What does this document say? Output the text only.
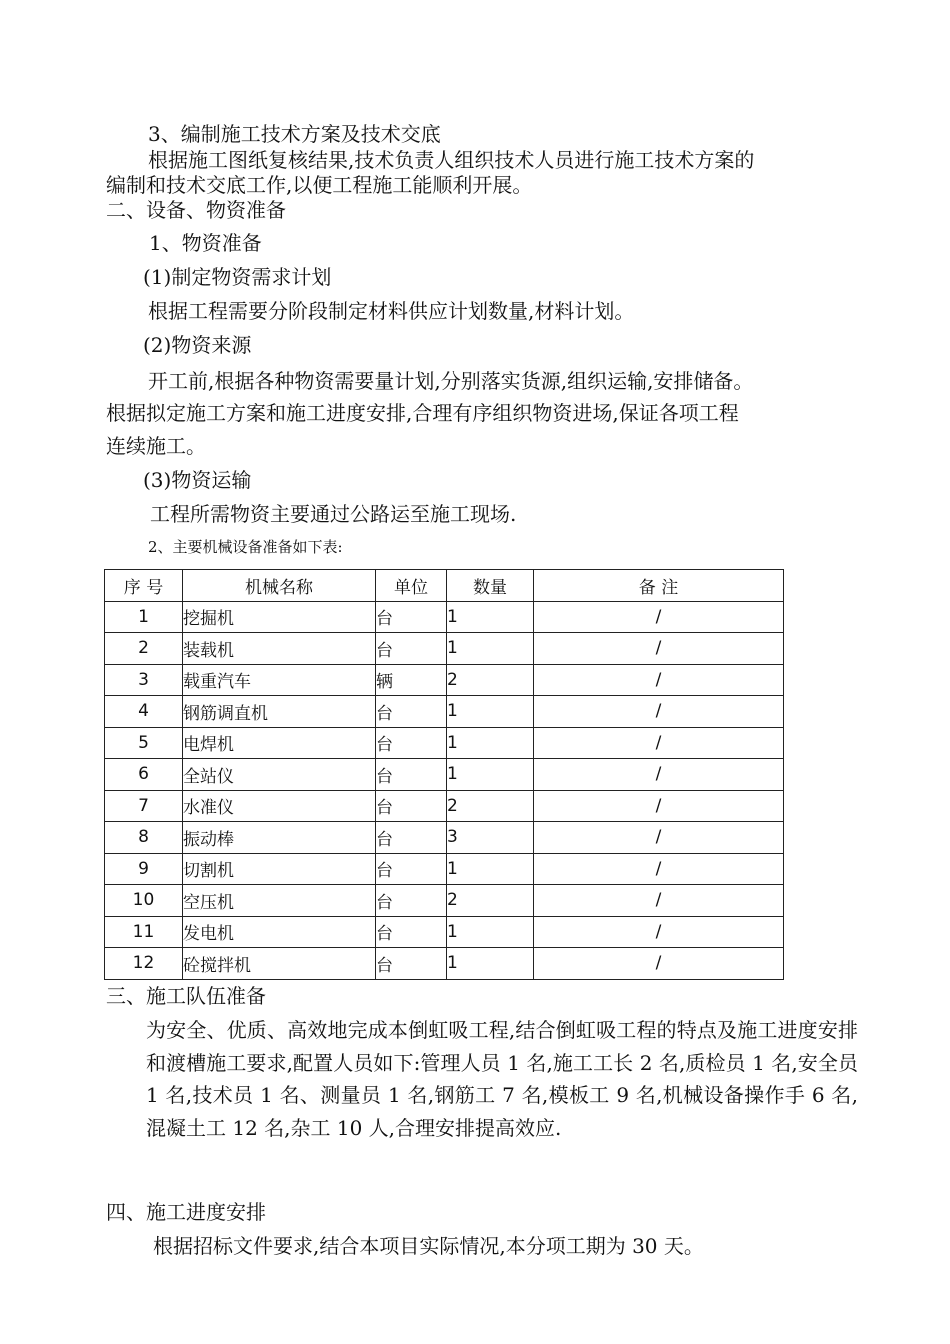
3、编制施工技术方案及技术交底
根据施工图纸复核结果,技术负责人组织技术人员进行施工技术方案的
编制和技术交底工作,以便工程施工能顺利开展。
二、设备、物资准备
1、物资准备
(1)制定物资需求计划
根据工程需要分阶段制定材料供应计划数量,材料计划。
(2)物资来源
开工前,根据各种物资需要量计划,分别落实货源,组织运输,安排储备。
根据拟定施工方案和施工进度安排,合理有序组织物资进场,保证各项工程
连续施工。
(3)物资运输
工程所需物资主要通过公路运至施工现场.
2、主要机械设备准备如下表:
序 号	机械名称	单位	数量	备 注
1	挖掘机	台	1	/
2	装载机	台	1	/
3	载重汽车	辆	2	/
4	钢筋调直机	台	1	/
5	电焊机	台	1	/
6	全站仪	台	1	/
7	水准仪	台	2	/
8	振动棒	台	3	/
9	切割机	台	1	/
10	空压机	台	2	/
11	发电机	台	1	/
12	砼搅拌机	台	1	/
三、施工队伍准备
为安全、优质、高效地完成本倒虹吸工程,结合倒虹吸工程的特点及施工进度安排和渡槽施工要求,配置人员如下:管理人员 1 名,施工工长 2 名,质检员 1 名,安全员 1 名,技术员 1 名、测量员 1 名,钢筋工 7 名,模板工 9 名,机械设备操作手 6 名,混凝土工 12 名,杂工 10 人,合理安排提高效应.
四、施工进度安排
根据招标文件要求,结合本项目实际情况,本分项工期为 30 天。
